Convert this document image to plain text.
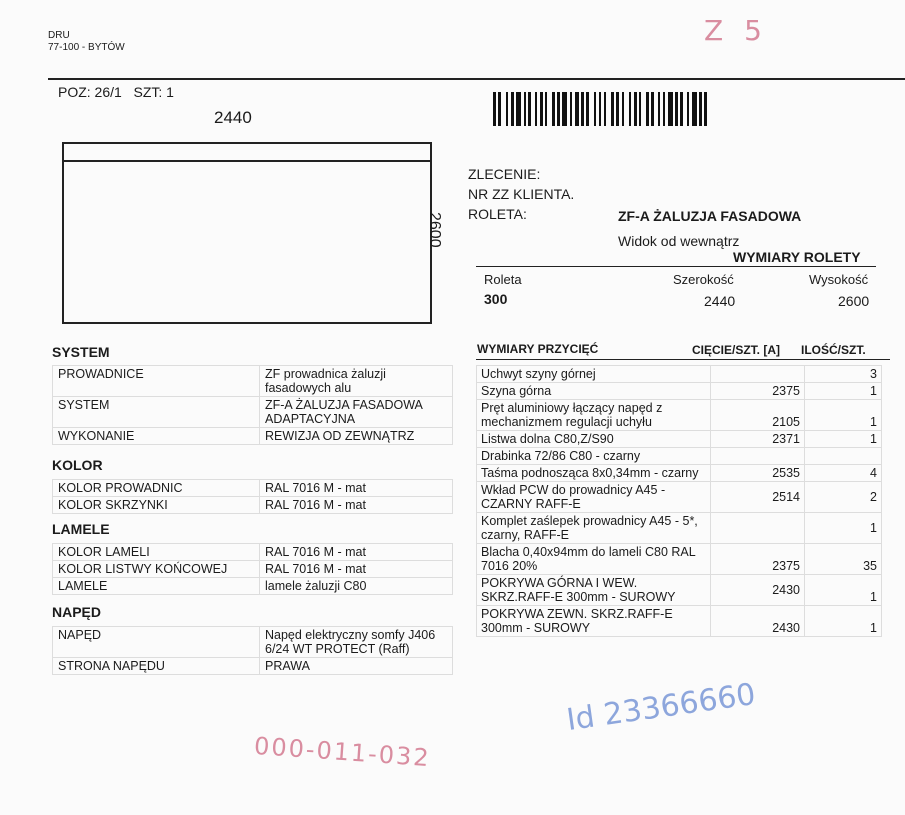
DRU
77-100 - BYTÓW
Z 5
POZ: 26/1 SZT: 1
2440
2600
ZLECENIE:
NR ZZ KLIENTA.
ROLETA:	ZF-A ŻALUZJA FASADOWA
Widok od wewnątrz
WYMIARY ROLETY
Roleta	Szerokość	Wysokość
300	2440	2600
SYSTEM
PROWADNICE	ZF prowadnica żaluzji fasadowych alu
SYSTEM	ZF-A ŻALUZJA FASADOWA ADAPTACYJNA
WYKONANIE	REWIZJA OD ZEWNĄTRZ
KOLOR
KOLOR PROWADNIC	RAL 7016 M - mat
KOLOR SKRZYNKI	RAL 7016 M - mat
LAMELE
KOLOR LAMELI	RAL 7016 M - mat
KOLOR LISTWY KOŃCOWEJ	RAL 7016 M - mat
LAMELE	lamele żaluzji C80
NAPĘD
NAPĘD	Napęd elektryczny somfy J406 6/24 WT PROTECT (Raff)
STRONA NAPĘDU	PRAWA
WYMIARY PRZYCIĘĆ	CIĘCIE/SZT. [A] ILOŚĆ/SZT.
Uchwyt szyny górnej		3
Szyna górna	2375	1
Pręt aluminiowy łączący napęd z mechanizmem regulacji uchyłu	2105	1
Listwa dolna C80,Z/S90	2371	1
Drabinka 72/86 C80 - czarny		
Taśma podnosząca 8x0,34mm - czarny	2535	4
Wkład PCW do prowadnicy A45 - CZARNY RAFF-E	2514	2
Komplet zaślepek prowadnicy A45 - 5*, czarny, RAFF-E		1
Blacha 0,40x94mm do lameli C80 RAL 7016 20%	2375	35
POKRYWA GÓRNA I WEW. SKRZ.RAFF-E 300mm - SUROWY	2430	1
POKRYWA ZEWN. SKRZ.RAFF-E 300mm - SUROWY	2430	1
000-011-032
Id 23366660
